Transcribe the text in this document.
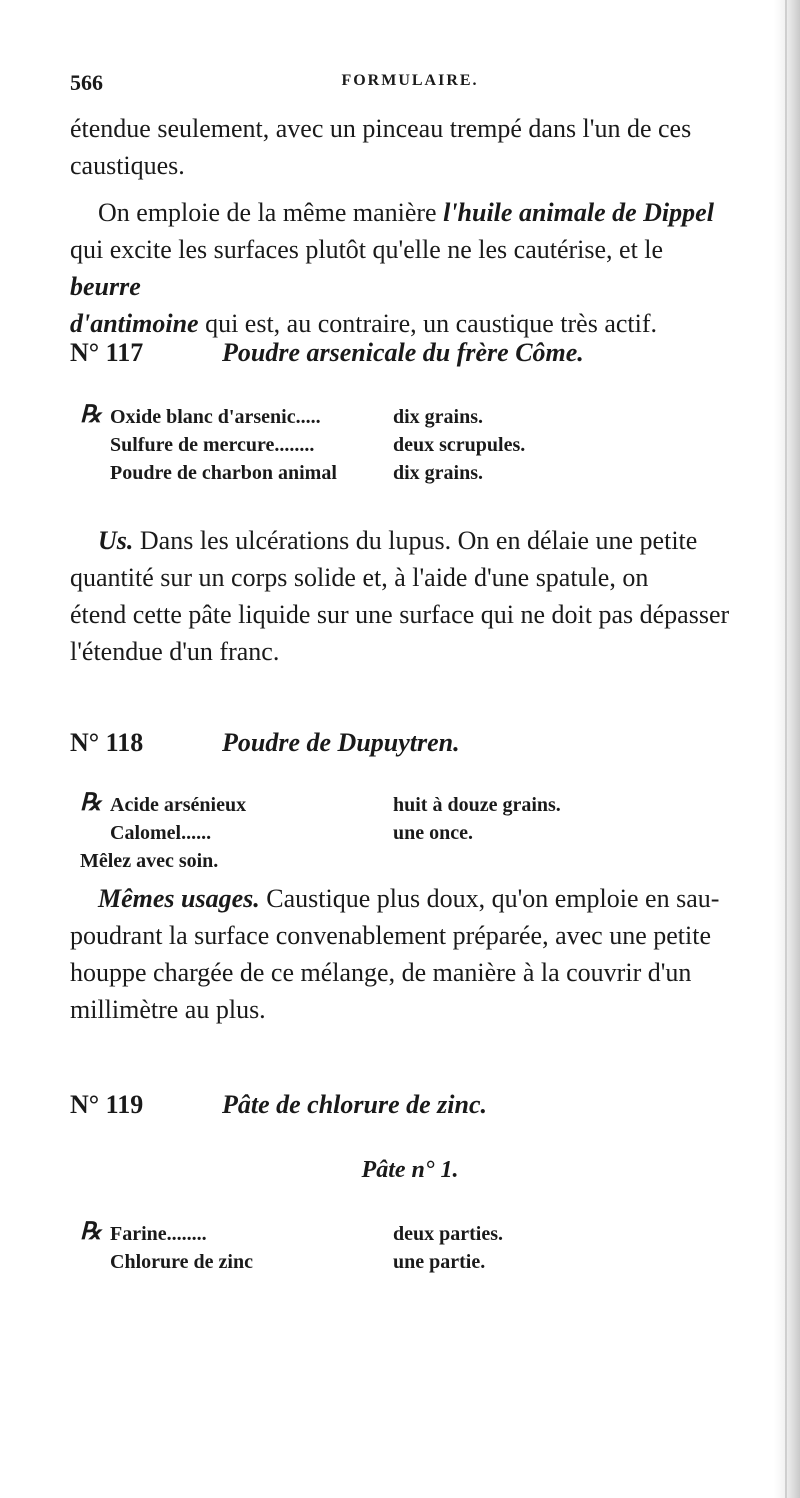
566	FORMULAIRE.

étendue seulement, avec un pinceau trempé dans l'un de ces

caustiques.

On emploie de la même manière l'huile animale de Dippel

qui excite les surfaces plutôt qu'elle ne les cautérise, et le beurre

d'antimoine qui est, au contraire, un caustique très actif.

N° 117	Poudre arsenicale du frère Côme.
℞ Oxide blanc d'arsenic.....	dix grains.
Sulfure de mercure........	deux scrupules.
Poudre de charbon animal	dix grains.

Us. Dans les ulcérations du lupus. On en délaie une petite

quantité sur un corps solide et, à l'aide d'une spatule, on

étend cette pâte liquide sur une surface qui ne doit pas dépasser

l'étendue d'un franc.

N° 118	Poudre de Dupuytren.
℞ Acide arsénieux	huit à douze grains.
Calomel......	une once.
Mêlez avec soin.

Mêmes usages. Caustique plus doux, qu'on emploie en sau-

poudrant la surface convenablement préparée, avec une petite

houppe chargée de ce mélange, de manière à la couvrir d'un

millimètre au plus.

N° 119	Pâte de chlorure de zinc.
Pâte n° 1.
℞ Farine........	deux parties.
Chlorure de zinc	une partie.
